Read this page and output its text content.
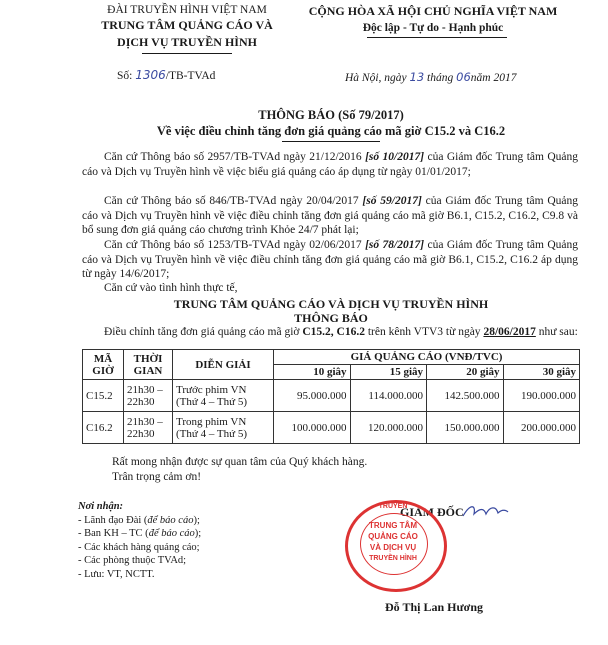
ĐÀI TRUYỀN HÌNH VIỆT NAM
TRUNG TÂM QUẢNG CÁO VÀ
DỊCH VỤ TRUYỀN HÌNH
Số: 1306/TB-TVAd
CỘNG HÒA XÃ HỘI CHỦ NGHĨA VIỆT NAM
Độc lập - Tự do - Hạnh phúc
Hà Nội, ngày 13 tháng 06năm 2017
THÔNG BÁO (Số 79/2017)
Về việc điều chỉnh tăng đơn giá quảng cáo mã giờ C15.2 và C16.2

Căn cứ Thông báo số 2957/TB-TVAd ngày 21/12/2016 [số 10/2017] của Giám đốc Trung tâm Quảng cáo và Dịch vụ Truyền hình về việc biểu giá quảng cáo áp dụng từ ngày 01/01/2017;

Căn cứ Thông báo số 846/TB-TVAd ngày 20/04/2017 [số 59/2017] của Giám đốc Trung tâm Quảng cáo và Dịch vụ Truyền hình về việc điều chỉnh tăng đơn giá quảng cáo mã giờ B6.1, C15.2, C16.2, C9.8 và bổ sung đơn giá quảng cáo chương trình Khỏe 24/7 phát lại;

Căn cứ Thông báo số 1253/TB-TVAd ngày 02/06/2017 [số 78/2017] của Giám đốc Trung tâm Quảng cáo và Dịch vụ Truyền hình về việc điều chỉnh tăng đơn giá quảng cáo mã giờ B6.1, C15.2, C16.2 áp dụng từ ngày 14/6/2017;

Căn cứ vào tình hình thực tế,

TRUNG TÂM QUẢNG CÁO VÀ DỊCH VỤ TRUYỀN HÌNH
THÔNG BÁO

Điều chỉnh tăng đơn giá quảng cáo mã giờ C15.2, C16.2 trên kênh VTV3 từ ngày 28/06/2017 như sau:

MÃ GIỜ	THỜI GIAN	DIỄN GIẢI	GIÁ QUẢNG CÁO (VNĐ/TVC)
10 giây	15 giây	20 giây	30 giây
C15.2	21h30 –
22h30	Trước phim VN
(Thứ 4 – Thứ 5)	95.000.000	114.000.000	142.500.000	190.000.000
C16.2	21h30 –
22h30	Trong phim VN
(Thứ 4 – Thứ 5)	100.000.000	120.000.000	150.000.000	200.000.000
Rất mong nhận được sự quan tâm của Quý khách hàng.
Trân trọng cảm ơn!
Nơi nhận:
- Lãnh đạo Đài (để báo cáo);
- Ban KH – TC (để báo cáo);
- Các khách hàng quảng cáo;
- Các phòng thuộc TVAd;
- Lưu: VT, NCTT.
GIÁM ĐỐC
TRUYỀN
TRUNG TÂM
QUẢNG CÁO
VÀ DỊCH VỤ
TRUYỀN HÌNH
Đỗ Thị Lan Hương
